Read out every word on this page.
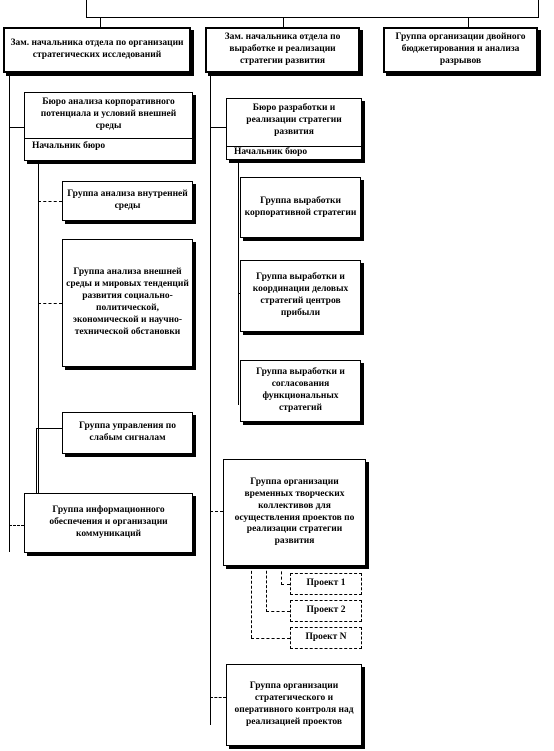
Зам. начальника отдела по организации стратегических исследований
Зам. начальника отдела по выработке и реализации стратегии развития
Группа организации двойного бюджетирования и анализа разрывов
Бюро анализа корпоративного потенциала и условий внешней среды
Начальник бюро
Группа анализа внутренней среды
Группа анализа внешней среды и мировых тенденций развития социально-политической, экономической и научно-технической обстановки
Группа управления по слабым сигналам
Группа информационного обеспечения и организации коммуникаций
Бюро разработки и реализации стратегии развития
Начальник бюро
Группа выработки корпоративной стратегии
Группа выработки и координации деловых стратегий центров прибыли
Группа выработки и согласования функциональных стратегий
Группа организации временных творческих коллективов для осуществления проектов по реализации стратегии развития
Проект 1
Проект 2
Проект N
Группа организации стратегического и оперативного контроля над реализацией проектов
